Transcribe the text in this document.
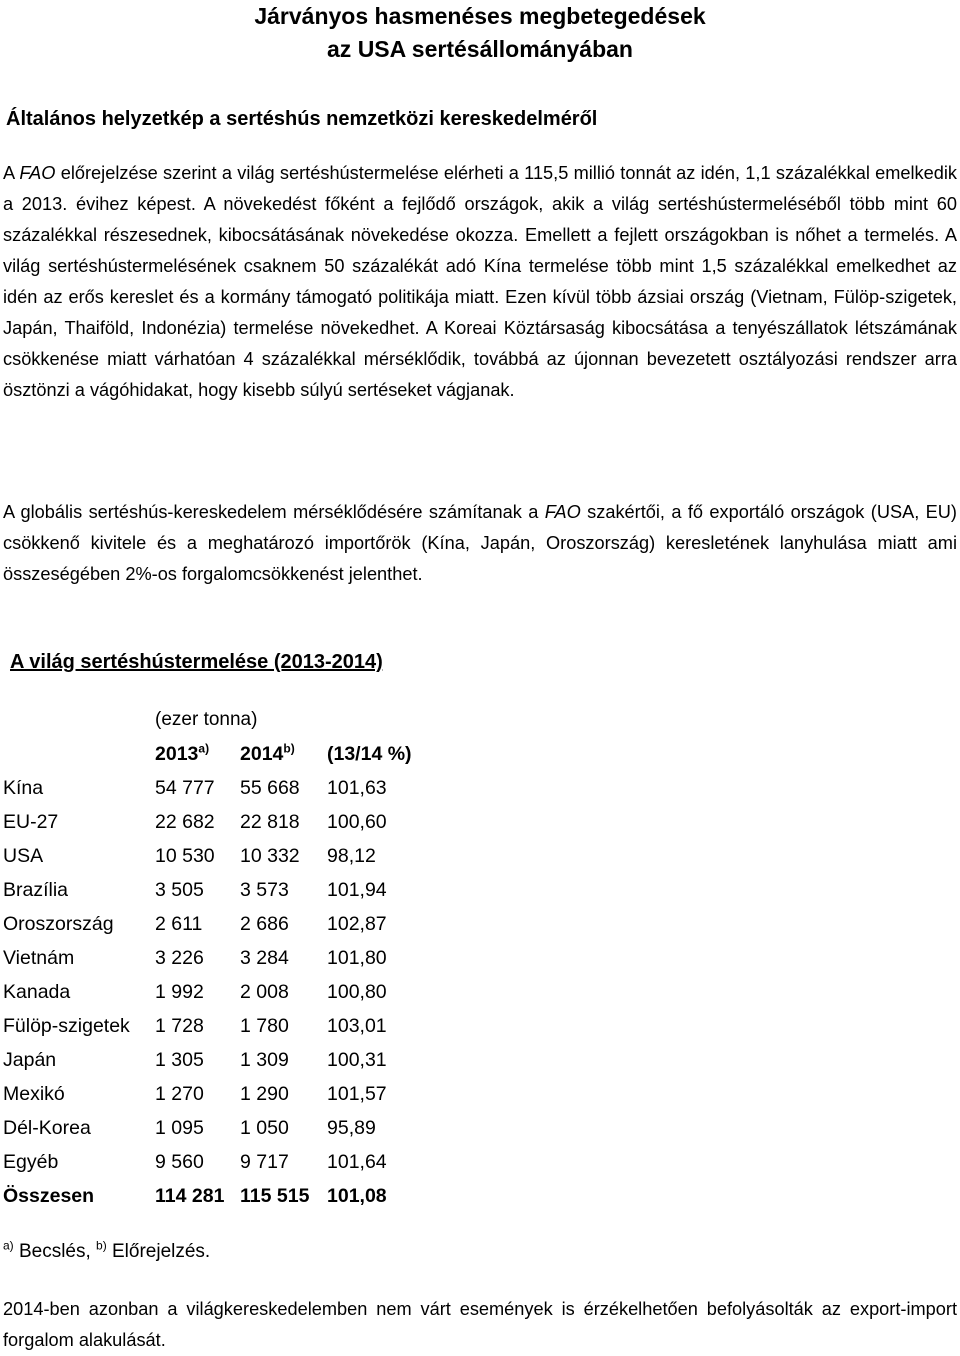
Járványos hasmenéses megbetegedések
az USA sertésállományában
Általános helyzetkép a sertéshús nemzetközi kereskedelméről

A FAO előrejelzése szerint a világ sertéshústermelése elérheti a 115,5 millió tonnát az idén, 1,1 százalékkal emelkedik a 2013. évihez képest. A növekedést főként a fejlődő országok, akik a világ sertéshústermeléséből több mint 60 százalékkal részesednek, kibocsátásának növekedése okozza. Emellett a fejlett országokban is nőhet a termelés. A világ sertéshústermelésének csaknem 50 százalékát adó Kína termelése több mint 1,5 százalékkal emelkedhet az idén az erős kereslet és a kormány támogató politikája miatt. Ezen kívül több ázsiai ország (Vietnam, Fülöp-szigetek, Japán, Thaiföld, Indonézia) termelése növekedhet. A Koreai Köztársaság kibocsátása a tenyészállatok létszámának csökkenése miatt várhatóan 4 százalékkal mérséklődik, továbbá az újonnan bevezetett osztályozási rendszer arra ösztönzi a vágóhidakat, hogy kisebb súlyú sertéseket vágjanak.

A globális sertéshús-kereskedelem mérséklődésére számítanak a FAO szakértői, a fő exportáló országok (USA, EU) csökkenő kivitele és a meghatározó importőrök (Kína, Japán, Oroszország) keresletének lanyhulása miatt ami összeségében 2%-os forgalomcsökkenést jelenthet.

A világ sertéshústermelése (2013-2014)
(ezer tonna)
	2013$^{a)}$	2014$^{b)}$	(13/14 %)
Kína	54 777	55 668	101,63
EU-27	22 682	22 818	100,60
USA	10 530	10 332	98,12
Brazília	3 505	3 573	101,94
Oroszország	2 611	2 686	102,87
Vietnám	3 226	3 284	101,80
Kanada	1 992	2 008	100,80
Fülöp-szigetek	1 728	1 780	103,01
Japán	1 305	1 309	100,31
Mexikó	1 270	1 290	101,57
Dél-Korea	1 095	1 050	95,89
Egyéb	9 560	9 717	101,64
Összesen	114 281	115 515	101,08
$^{a)}$ Becslés, $^{b)}$ Előrejelzés.

2014-ben azonban a világkereskedelemben nem várt események is érzékelhetően befolyásolták az export-import forgalom alakulását.
